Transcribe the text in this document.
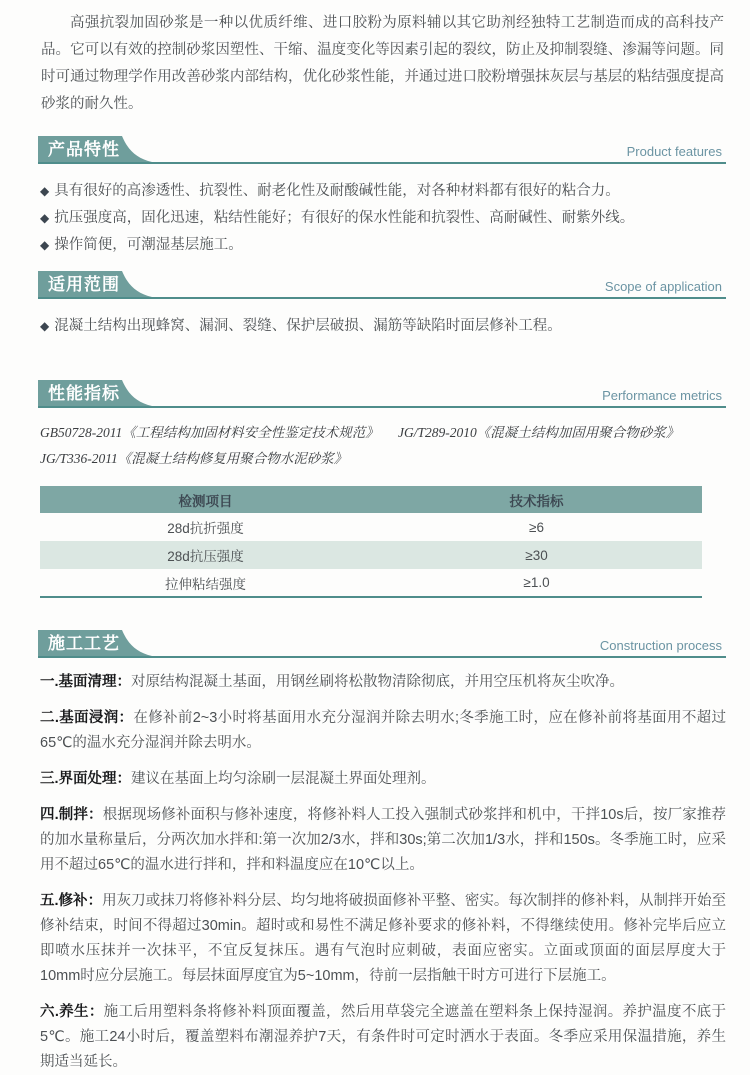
高强抗裂加固砂浆是一种以优质纤维、进口胶粉为原料辅以其它助剂经独特工艺制造而成的高科技产品。它可以有效的控制砂浆因塑性、干缩、温度变化等因素引起的裂纹，防止及抑制裂缝、渗漏等问题。同时可通过物理学作用改善砂浆内部结构，优化砂浆性能，并通过进口胶粉增强抹灰层与基层的粘结强度提高砂浆的耐久性。

产品特性	Product features
◆ 具有很好的高渗透性、抗裂性、耐老化性及耐酸碱性能，对各种材料都有很好的粘合力。
◆ 抗压强度高，固化迅速，粘结性能好；有很好的保水性能和抗裂性、高耐碱性、耐紫外线。
◆ 操作简便，可潮湿基层施工。
适用范围	Scope of application
◆ 混凝土结构出现蜂窝、漏洞、裂缝、保护层破损、漏筋等缺陷时面层修补工程。
性能指标	Performance metrics
GB50728-2011《工程结构加固材料安全性鉴定技术规范》	JG/T289-2010《混凝土结构加固用聚合物砂浆》
JG/T336-2011《混凝土结构修复用聚合物水泥砂浆》
检测项目	技术指标
28d抗折强度	≥6
28d抗压强度	≥30
拉伸粘结强度	≥1.0
施工工艺	Construction process

一.基面清理：对原结构混凝土基面，用钢丝刷将松散物清除彻底，并用空压机将灰尘吹净。

二.基面浸润：在修补前2~3小时将基面用水充分湿润并除去明水;冬季施工时，应在修补前将基面用不超过65℃的温水充分湿润并除去明水。

三.界面处理：建议在基面上均匀涂刷一层混凝土界面处理剂。

四.制拌：根据现场修补面积与修补速度，将修补料人工投入强制式砂浆拌和机中，干拌10s后，按厂家推荐的加水量称量后，分两次加水拌和:第一次加2/3水，拌和30s;第二次加1/3水，拌和150s。冬季施工时，应采用不超过65℃的温水进行拌和，拌和料温度应在10℃以上。

五.修补：用灰刀或抹刀将修补料分层、均匀地将破损面修补平整、密实。每次制拌的修补料，从制拌开始至修补结束，时间不得超过30min。超时或和易性不满足修补要求的修补料，不得继续使用。修补完毕后应立即喷水压抹并一次抹平，不宜反复抹压。遇有气泡时应刺破，表面应密实。立面或顶面的面层厚度大于10mm时应分层施工。每层抹面厚度宜为5~10mm，待前一层指触干时方可进行下层施工。

六.养生：施工后用塑料条将修补料顶面覆盖，然后用草袋完全遮盖在塑料条上保持湿润。养护温度不底于5℃。施工24小时后，覆盖塑料布潮湿养护7天，有条件时可定时洒水于表面。冬季应采用保温措施，养生期适当延长。
